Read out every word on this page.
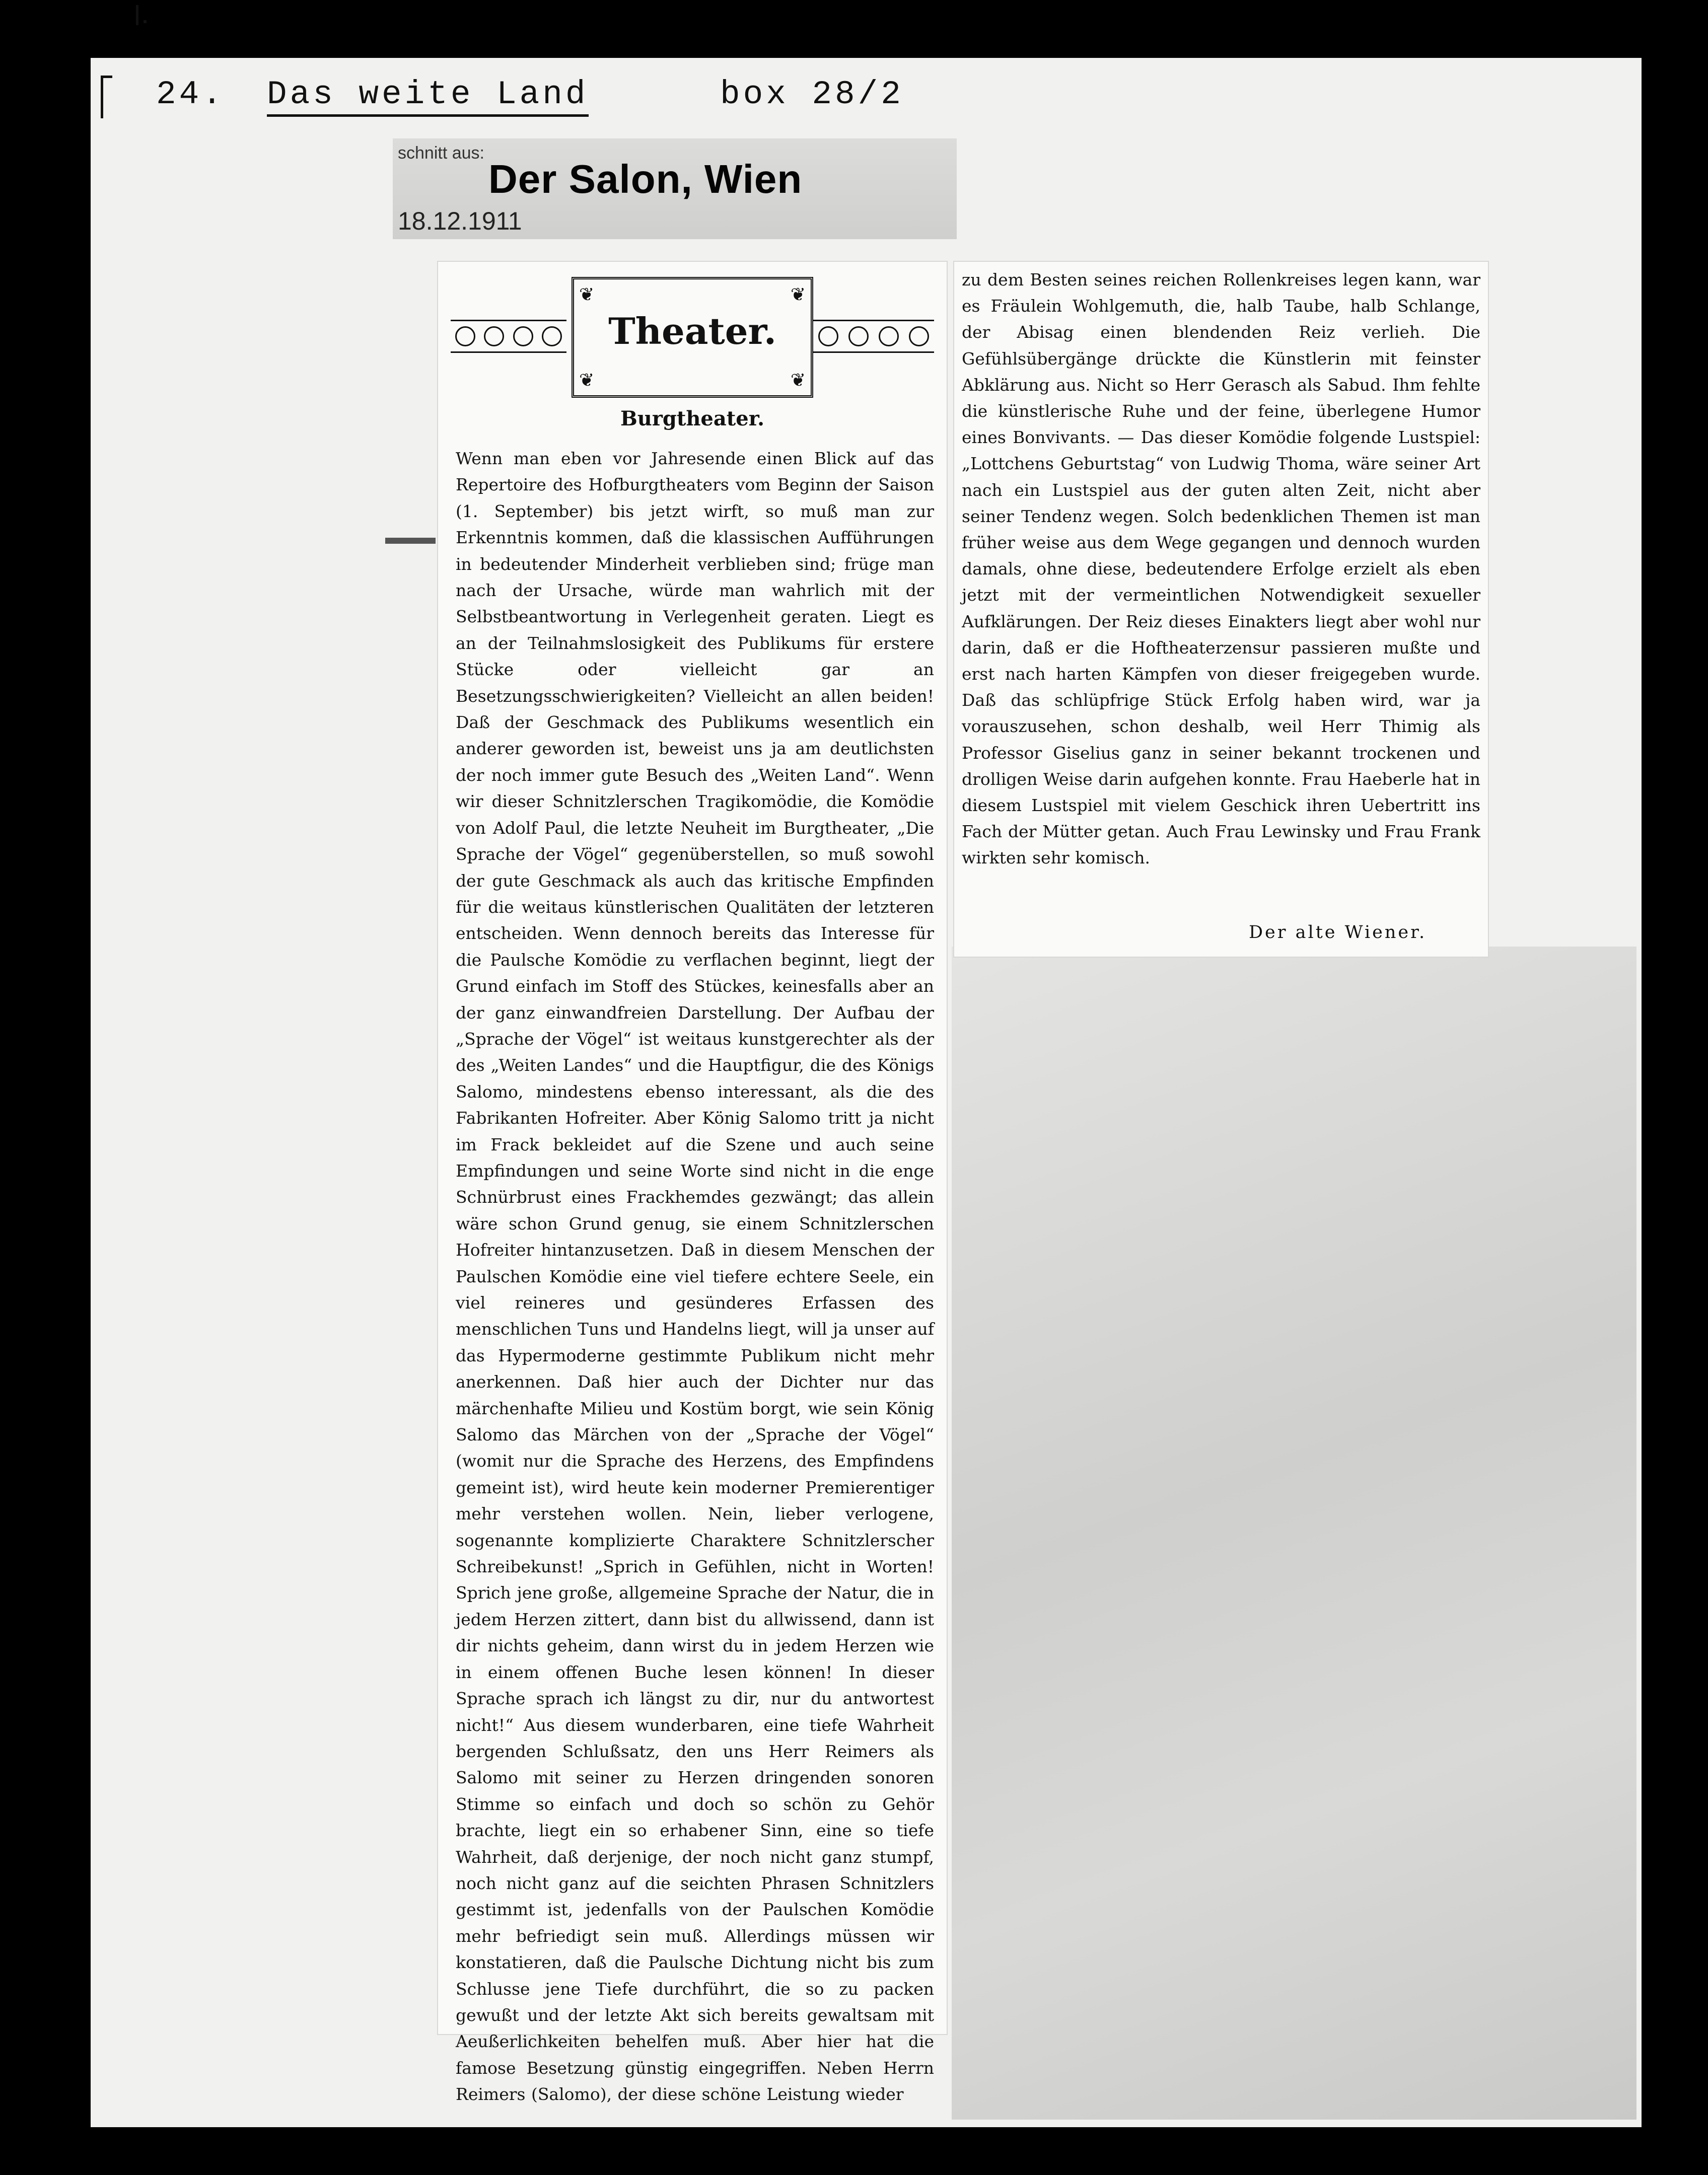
24. Das weite Land	box 28/2
schnitt aus:
Der Salon, Wien
18.12.1911
❦
❦
❦
❦
Theater.
Burgtheater.
Wenn man eben vor Jahresende einen Blick auf das Repertoire des Hofburgtheaters vom Beginn der Saison (1. September) bis jetzt wirft, so muß man zur Erkenntnis kommen, daß die klassischen Aufführungen in bedeutender Minderheit verblieben sind; früge man nach der Ursache, würde man wahrlich mit der Selbstbeantwortung in Verlegenheit geraten. Liegt es an der Teilnahmslosigkeit des Publikums für erstere Stücke oder vielleicht gar an Besetzungsschwierigkeiten? Vielleicht an allen beiden! Daß der Geschmack des Publikums wesentlich ein anderer geworden ist, beweist uns ja am deutlichsten der noch immer gute Besuch des „Weiten Land“. Wenn wir dieser Schnitzlerschen Tragikomödie, die Komödie von Adolf Paul, die letzte Neuheit im Burgtheater, „Die Sprache der Vögel“ gegenüberstellen, so muß sowohl der gute Geschmack als auch das kritische Empfinden für die weitaus künstlerischen Qualitäten der letzteren entscheiden. Wenn dennoch bereits das Interesse für die Paulsche Komödie zu verflachen beginnt, liegt der Grund einfach im Stoff des Stückes, keinesfalls aber an der ganz einwandfreien Darstellung. Der Aufbau der „Sprache der Vögel“ ist weitaus kunstgerechter als der des „Weiten Landes“ und die Hauptfigur, die des Königs Salomo, mindestens ebenso interessant, als die des Fabrikanten Hofreiter. Aber König Salomo tritt ja nicht im Frack bekleidet auf die Szene und auch seine Empfindungen und seine Worte sind nicht in die enge Schnürbrust eines Frackhemdes gezwängt; das allein wäre schon Grund genug, sie einem Schnitzlerschen Hofreiter hintanzusetzen. Daß in diesem Menschen der Paulschen Komödie eine viel tiefere echtere Seele, ein viel reineres und gesünderes Erfassen des menschlichen Tuns und Handelns liegt, will ja unser auf das Hypermoderne gestimmte Publikum nicht mehr anerkennen. Daß hier auch der Dichter nur das märchenhafte Milieu und Kostüm borgt, wie sein König Salomo das Märchen von der „Sprache der Vögel“ (womit nur die Sprache des Herzens, des Empfindens gemeint ist), wird heute kein moderner Premierentiger mehr verstehen wollen. Nein, lieber verlogene, sogenannte komplizierte Charaktere Schnitzlerscher Schreibekunst! „Sprich in Gefühlen, nicht in Worten! Sprich jene große, allgemeine Sprache der Natur, die in jedem Herzen zittert, dann bist du allwissend, dann ist dir nichts geheim, dann wirst du in jedem Herzen wie in einem offenen Buche lesen können! In dieser Sprache sprach ich längst zu dir, nur du antwortest nicht!“ Aus diesem wunderbaren, eine tiefe Wahrheit bergenden Schlußsatz, den uns Herr Reimers als Salomo mit seiner zu Herzen dringenden sonoren Stimme so einfach und doch so schön zu Gehör brachte, liegt ein so erhabener Sinn, eine so tiefe Wahrheit, daß derjenige, der noch nicht ganz stumpf, noch nicht ganz auf die seichten Phrasen Schnitzlers gestimmt ist, jedenfalls von der Paulschen Komödie mehr befriedigt sein muß. Allerdings müssen wir konstatieren, daß die Paulsche Dichtung nicht bis zum Schlusse jene Tiefe durchführt, die so zu packen gewußt und der letzte Akt sich bereits gewaltsam mit Aeußerlichkeiten behelfen muß. Aber hier hat die famose Besetzung günstig eingegriffen. Neben Herrn Reimers (Salomo), der diese schöne Leistung wieder
zu dem Besten seines reichen Rollenkreises legen kann, war es Fräulein Wohlgemuth, die, halb Taube, halb Schlange, der Abisag einen blendenden Reiz verlieh. Die Gefühlsübergänge drückte die Künstlerin mit feinster Abklärung aus. Nicht so Herr Gerasch als Sabud. Ihm fehlte die künstlerische Ruhe und der feine, überlegene Humor eines Bonvivants. — Das dieser Komödie folgende Lustspiel: „Lottchens Geburtstag“ von Ludwig Thoma, wäre seiner Art nach ein Lustspiel aus der guten alten Zeit, nicht aber seiner Tendenz wegen. Solch bedenklichen Themen ist man früher weise aus dem Wege gegangen und dennoch wurden damals, ohne diese, bedeutendere Erfolge erzielt als eben jetzt mit der vermeintlichen Notwendigkeit sexueller Aufklärungen. Der Reiz dieses Einakters liegt aber wohl nur darin, daß er die Hoftheaterzensur passieren mußte und erst nach harten Kämpfen von dieser freigegeben wurde. Daß das schlüpfrige Stück Erfolg haben wird, war ja vorauszusehen, schon deshalb, weil Herr Thimig als Professor Giselius ganz in seiner bekannt trockenen und drolligen Weise darin aufgehen konnte. Frau Haeberle hat in diesem Lustspiel mit vielem Geschick ihren Uebertritt ins Fach der Mütter getan. Auch Frau Lewinsky und Frau Frank wirkten sehr komisch.
Der alte Wiener.
